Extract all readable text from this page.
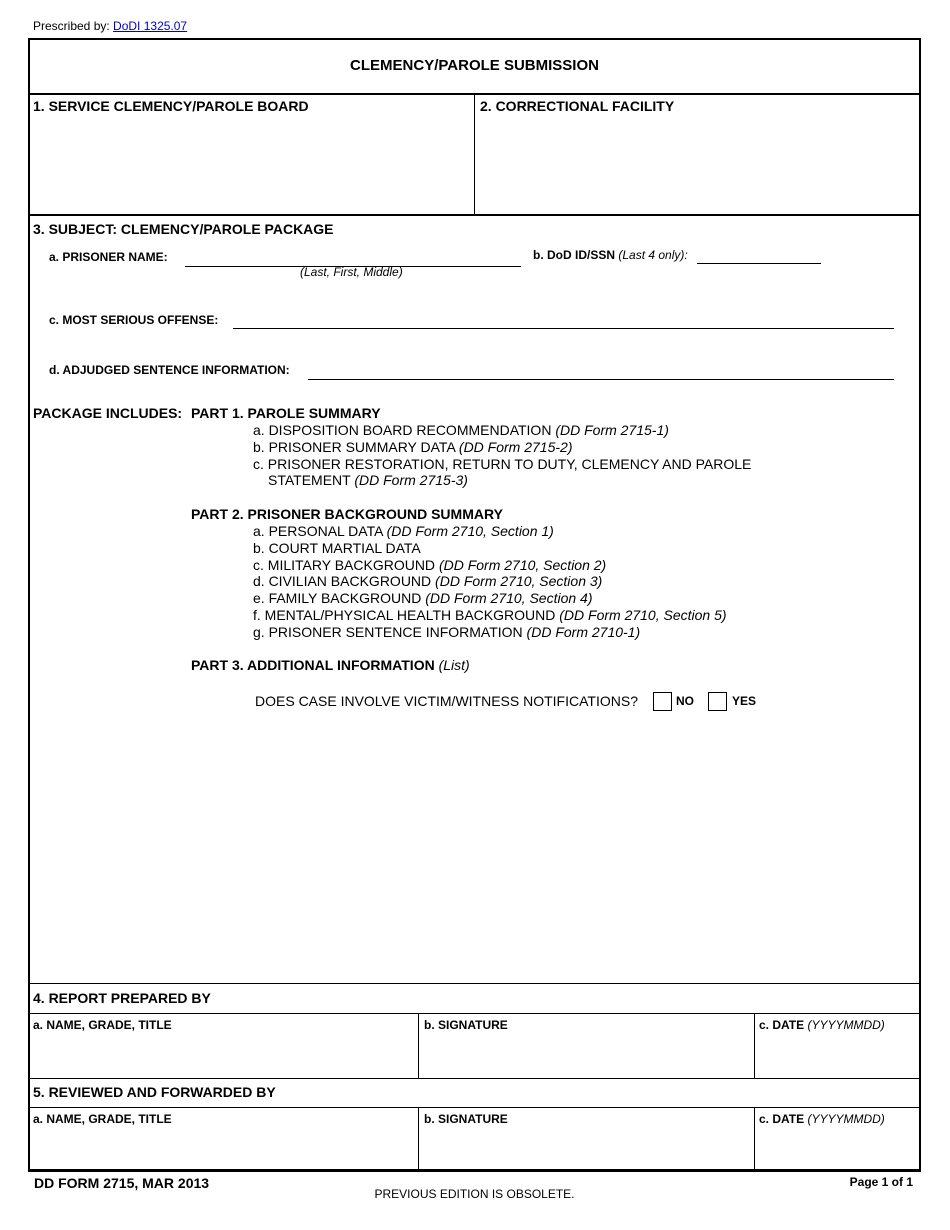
Prescribed by: DoDI 1325.07
CLEMENCY/PAROLE SUBMISSION
1. SERVICE CLEMENCY/PAROLE BOARD	2. CORRECTIONAL FACILITY
3. SUBJECT: CLEMENCY/PAROLE PACKAGE
a. PRISONER NAME:
(Last, First, Middle)
b. DoD ID/SSN (Last 4 only):
c. MOST SERIOUS OFFENSE:
d. ADJUDGED SENTENCE INFORMATION:
PACKAGE INCLUDES: PART 1. PAROLE SUMMARY
a. DISPOSITION BOARD RECOMMENDATION (DD Form 2715-1)
b. PRISONER SUMMARY DATA (DD Form 2715-2)
c. PRISONER RESTORATION, RETURN TO DUTY, CLEMENCY AND PAROLE
STATEMENT (DD Form 2715-3)
PART 2. PRISONER BACKGROUND SUMMARY
a. PERSONAL DATA (DD Form 2710, Section 1)
b. COURT MARTIAL DATA
c. MILITARY BACKGROUND (DD Form 2710, Section 2)
d. CIVILIAN BACKGROUND (DD Form 2710, Section 3)
e. FAMILY BACKGROUND (DD Form 2710, Section 4)
f. MENTAL/PHYSICAL HEALTH BACKGROUND (DD Form 2710, Section 5)
g. PRISONER SENTENCE INFORMATION (DD Form 2710-1)
PART 3. ADDITIONAL INFORMATION (List)
DOES CASE INVOLVE VICTIM/WITNESS NOTIFICATIONS?	NO	YES
4. REPORT PREPARED BY
a. NAME, GRADE, TITLE	b. SIGNATURE	c. DATE (YYYYMMDD)
5. REVIEWED AND FORWARDED BY
a. NAME, GRADE, TITLE	b. SIGNATURE	c. DATE (YYYYMMDD)
DD FORM 2715, MAR 2013
PREVIOUS EDITION IS OBSOLETE.
Page 1 of 1
